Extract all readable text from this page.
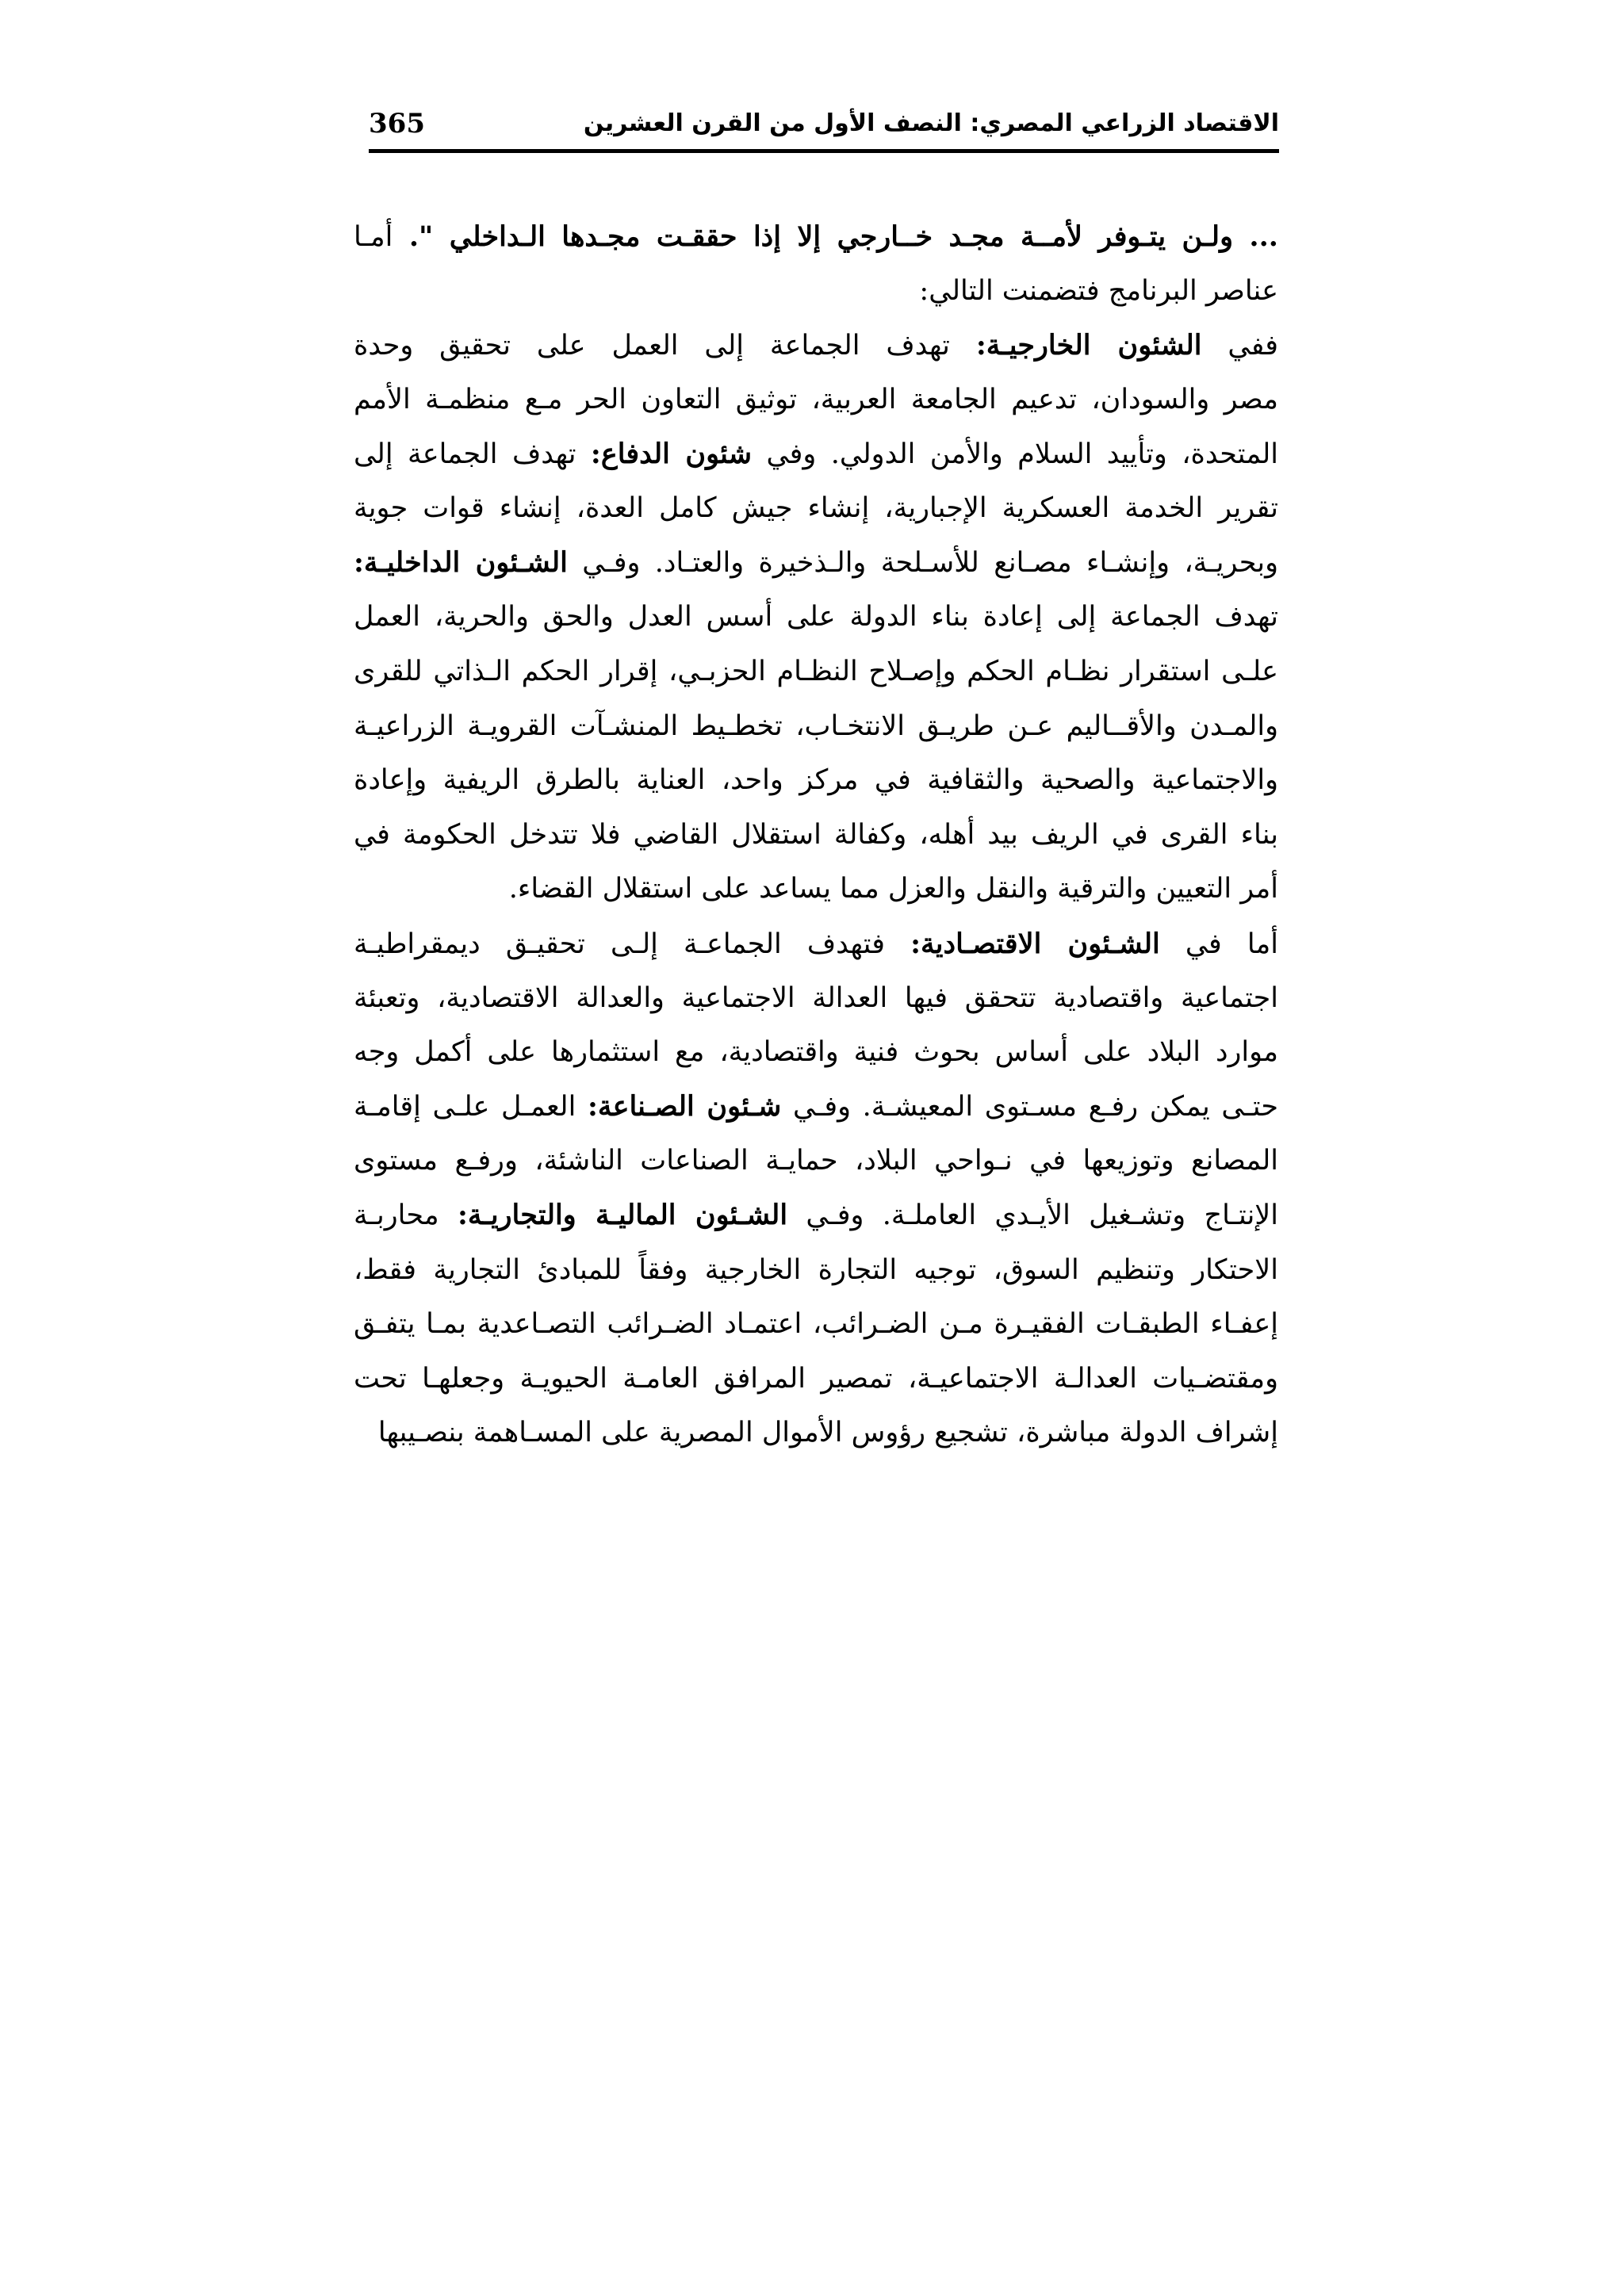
الاقتصاد الزراعي المصري: النصف الأول من القرن العشرين
365
... ولـن يتـوفر لأمــة مجـد خــارجي إلا إذا حققـت مجـدها الـداخلي ". أمـا
عناصر البرنامج فتضمنت التالي:
ففي الشئون الخارجيـة: تهدف الجماعة إلى العمل على تحقيق وحدة
مصر والسودان، تدعيم الجامعة العربية، توثيق التعاون الحر مـع منظمـة الأمم
المتحدة، وتأييد السلام والأمن الدولي. وفي شئون الدفاع: تهدف الجماعة إلى
تقرير الخدمة العسكرية الإجبارية، إنشاء جيش كامل العدة، إنشاء قوات جوية
وبحريـة، وإنشـاء مصـانع للأسـلحة والـذخيرة والعتـاد. وفـي الشـئون الداخليـة:
تهدف الجماعة إلى إعادة بناء الدولة على أسس العدل والحق والحرية، العمل
علـى استقرار نظـام الحكم وإصـلاح النظـام الحزبـي، إقرار الحكم الـذاتي للقرى
والمـدن والأقــاليم عـن طريـق الانتخـاب، تخطـيط المنشـآت القرويـة الزراعيـة
والاجتماعية والصحية والثقافية في مركز واحد، العناية بالطرق الريفية وإعادة
بناء القرى في الريف بيد أهله، وكفالة استقلال القاضي فلا تتدخل الحكومة في
أمر التعيين والترقية والنقل والعزل مما يساعد على استقلال القضاء.
أما في الشـئون الاقتصـادية: فتهدف الجماعـة إلـى تحقيـق ديمقراطيـة
اجتماعية واقتصادية تتحقق فيها العدالة الاجتماعية والعدالة الاقتصادية، وتعبئة
موارد البلاد على أساس بحوث فنية واقتصادية، مع استثمارها على أكمل وجه
حتـى يمكن رفـع مسـتوى المعيشـة. وفـي شـئون الصـناعة: العمـل علـى إقامـة
المصانع وتوزيعها في نـواحي البلاد، حمايـة الصناعات الناشئة، ورفـع مستوى
الإنتـاج وتشـغيل الأيـدي العاملـة. وفـي الشـئون الماليـة والتجاريـة: محاربـة
الاحتكار وتنظيم السوق، توجيه التجارة الخارجية وفقاً للمبادئ التجارية فقط،
إعفـاء الطبقـات الفقيـرة مـن الضـرائب، اعتمـاد الضـرائب التصـاعدية بمـا يتفـق
ومقتضـيات العدالـة الاجتماعيـة، تمصير المرافق العامـة الحيويـة وجعلهـا تحت
إشراف الدولة مباشرة، تشجيع رؤوس الأموال المصرية على المسـاهمة بنصـيبها
